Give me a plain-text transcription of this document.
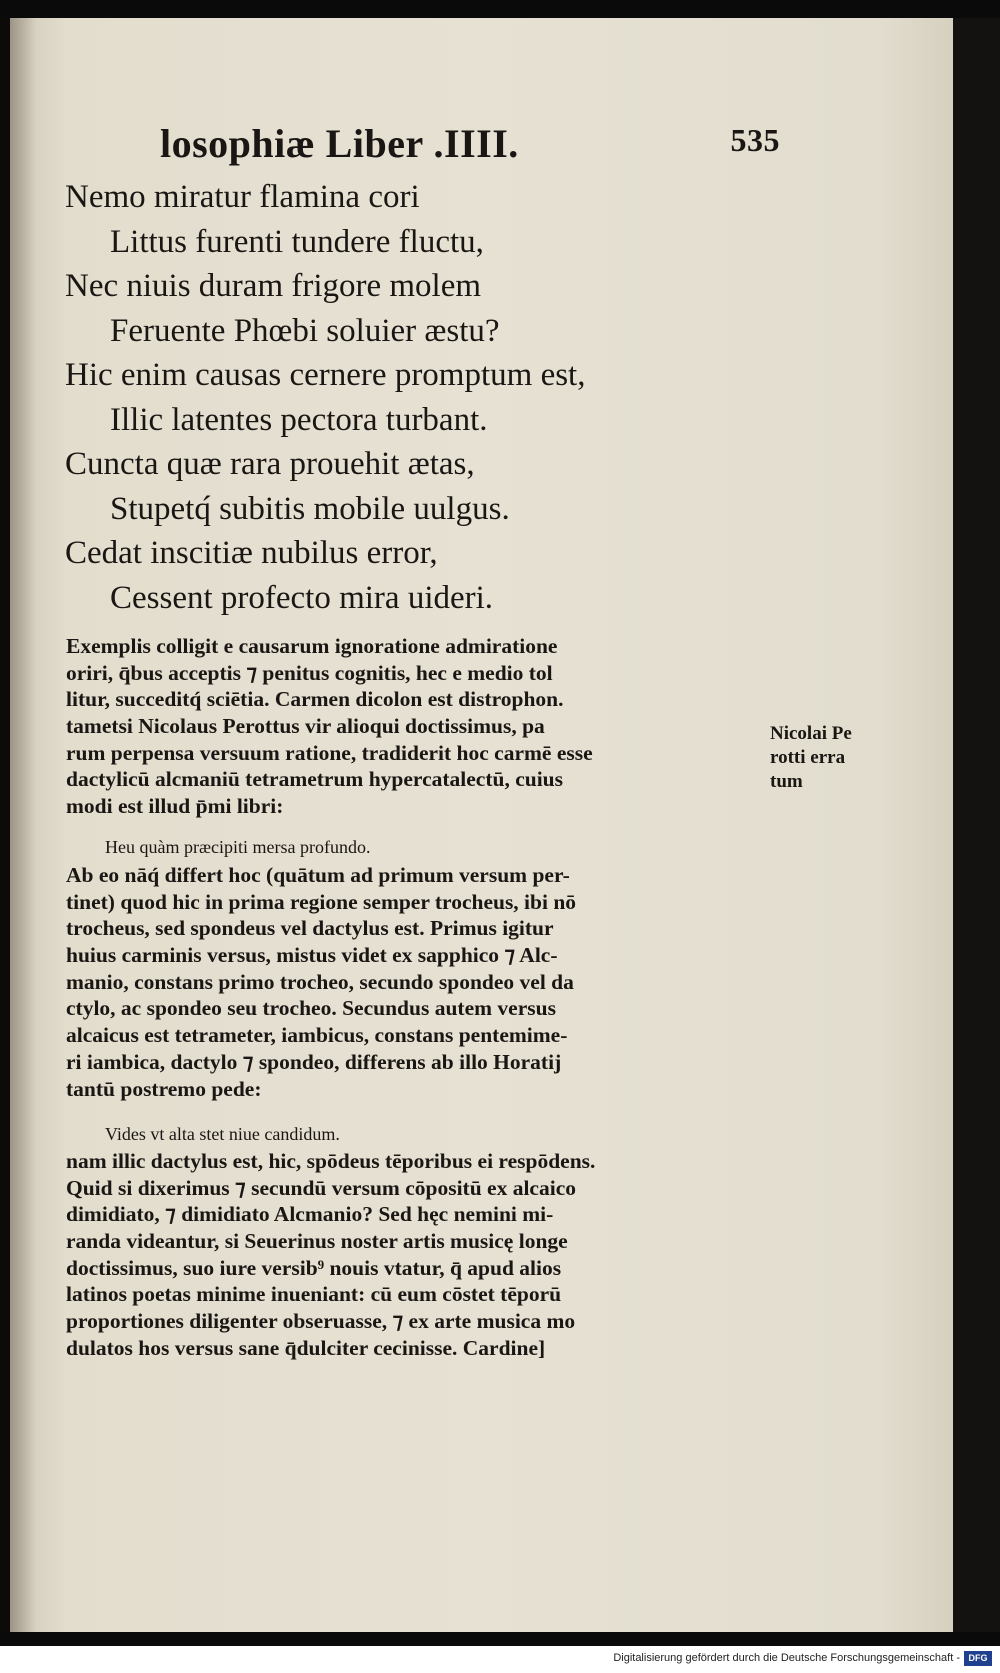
losophiæ Liber .IIII.	535
Nemo miratur flamina cori
Littus furenti tundere fluctu,
Nec niuis duram frigore molem
Feruente Phœbi soluier æstu?
Hic enim causas cernere promptum est,
Illic latentes pectora turbant.
Cuncta quæ rara prouehit ætas,
Stupetq́ subitis mobile uulgus.
Cedat inscitiæ nubilus error,
Cessent profecto mira uideri.
Exemplis colligit e causarum ignoratione admiratione
oriri, q̄bus acceptis ⁊ penitus cognitis, hec e medio tol
litur, succeditq́ sciētia. Carmen dicolon est distrophon.
tametsi Nicolaus Perottus vir alioqui doctissimus, pa
rum perpensa versuum ratione, tradiderit hoc carmē esse
dactylicū alcmaniū tetrametrum hypercatalectū, cuius
modi est illud p̄mi libri:
Heu quàm præcipiti mersa profundo.
Ab eo nāq́ differt hoc (quātum ad primum versum per-
tinet) quod hic in prima regione semper trocheus, ibi nō
trocheus, sed spondeus vel dactylus est. Primus igitur
huius carminis versus, mistus videt ex sapphico ⁊ Alc-
manio, constans primo trocheo, secundo spondeo vel da
ctylo, ac spondeo seu trocheo. Secundus autem versus
alcaicus est tetrameter, iambicus, constans pentemime-
ri iambica, dactylo ⁊ spondeo, differens ab illo Horatij
tantū postremo pede:
Vides vt alta stet niue candidum.
nam illic dactylus est, hic, spōdeus tēporibus ei respōdens.
Quid si dixerimus ⁊ secundū versum cōpositū ex alcaico
dimidiato, ⁊ dimidiato Alcmanio? Sed hęc nemini mi-
randa videantur, si Seuerinus noster artis musicę longe
doctissimus, suo iure versib⁹ nouis vtatur, q̄ apud alios
latinos poetas minime inueniant: cū eum cōstet tēporū
proportiones diligenter obseruasse, ⁊ ex arte musica mo
dulatos hos versus sane q̄dulciter cecinisse. Cardine]
Nicolai Pe
rotti erra
tum
Digitalisierung gefördert durch die Deutsche Forschungsgemeinschaft - DFG
